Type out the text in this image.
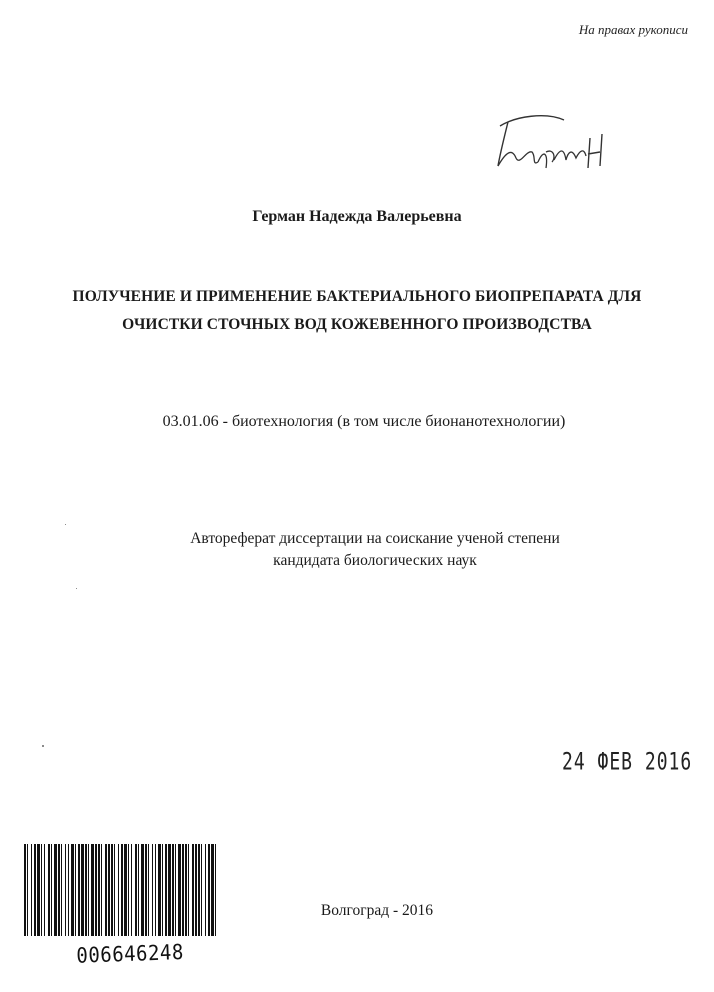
На правах рукописи
Герман Надежда Валерьевна
ПОЛУЧЕНИЕ И ПРИМЕНЕНИЕ БАКТЕРИАЛЬНОГО БИОПРЕПАРАТА ДЛЯ
ОЧИСТКИ СТОЧНЫХ ВОД КОЖЕВЕННОГО ПРОИЗВОДСТВА
03.01.06 - биотехнология (в том числе бионанотехнологии)
Автореферат диссертации на соискание ученой степени
кандидата биологических наук
24 ФЕВ 2016
006646248
Волгоград - 2016
